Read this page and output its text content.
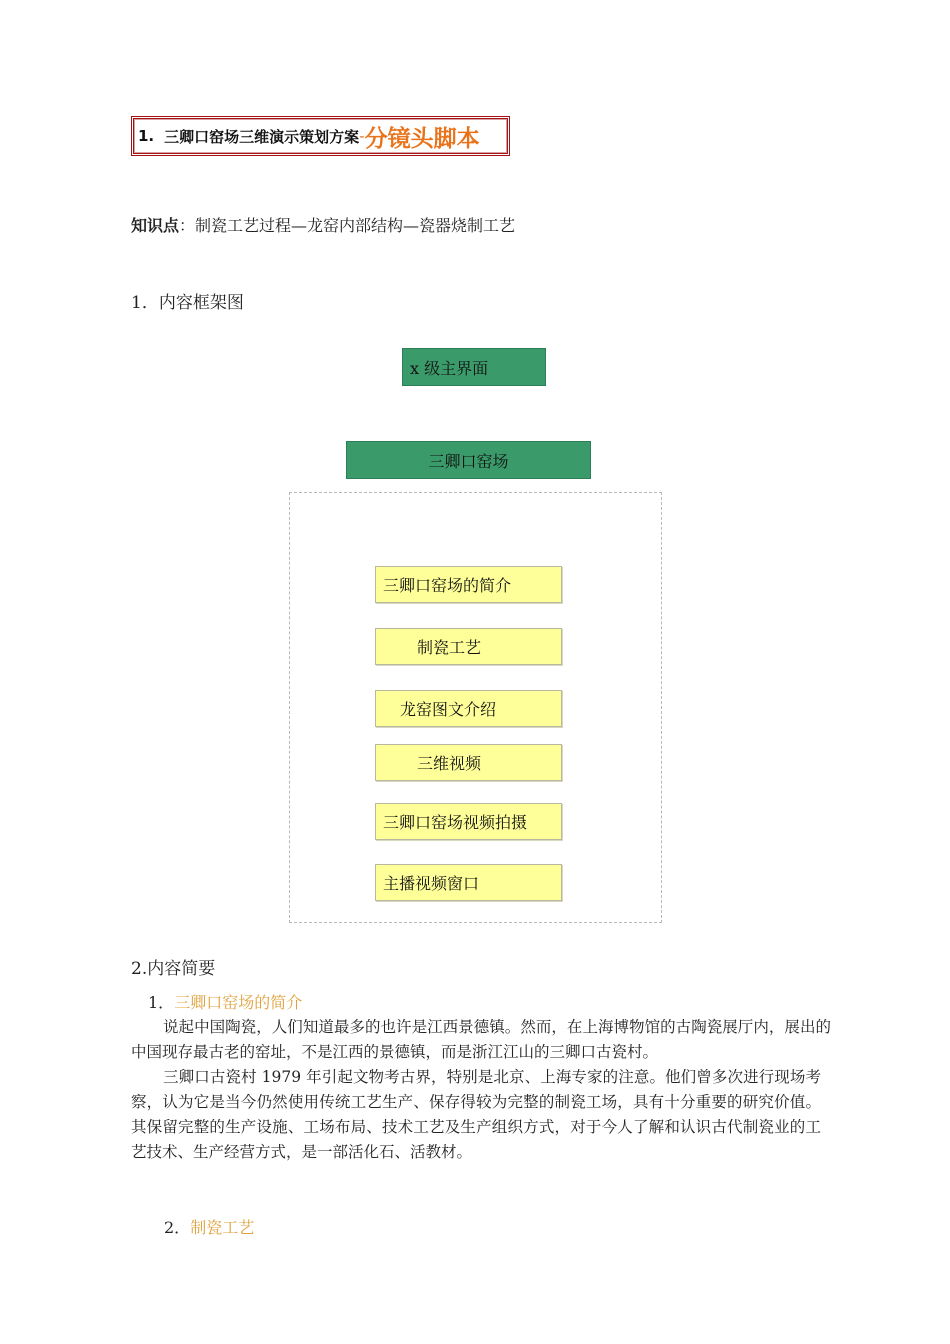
1. 三卿口窑场三维演示策划方案 - 分镜头脚本
知识点：制瓷工艺过程—龙窑内部结构—瓷器烧制工艺
1．内容框架图
x 级主界面
三卿口窑场
三卿口窑场的简介
制瓷工艺
龙窑图文介绍
三维视频
三卿口窑场视频拍摄
主播视频窗口
2.内容简要
1．三卿口窑场的简介

说起中国陶瓷，人们知道最多的也许是江西景德镇。然而，在上海博物馆的古陶瓷展厅内，展出的中国现存最古老的窑址，不是江西的景德镇，而是浙江江山的三卿口古瓷村。

三卿口古瓷村 1979 年引起文物考古界，特别是北京、上海专家的注意。他们曾多次进行现场考察，认为它是当今仍然使用传统工艺生产、保存得较为完整的制瓷工场，具有十分重要的研究价值。其保留完整的生产设施、工场布局、技术工艺及生产组织方式，对于今人了解和认识古代制瓷业的工艺技术、生产经营方式，是一部活化石、活教材。

2．制瓷工艺
